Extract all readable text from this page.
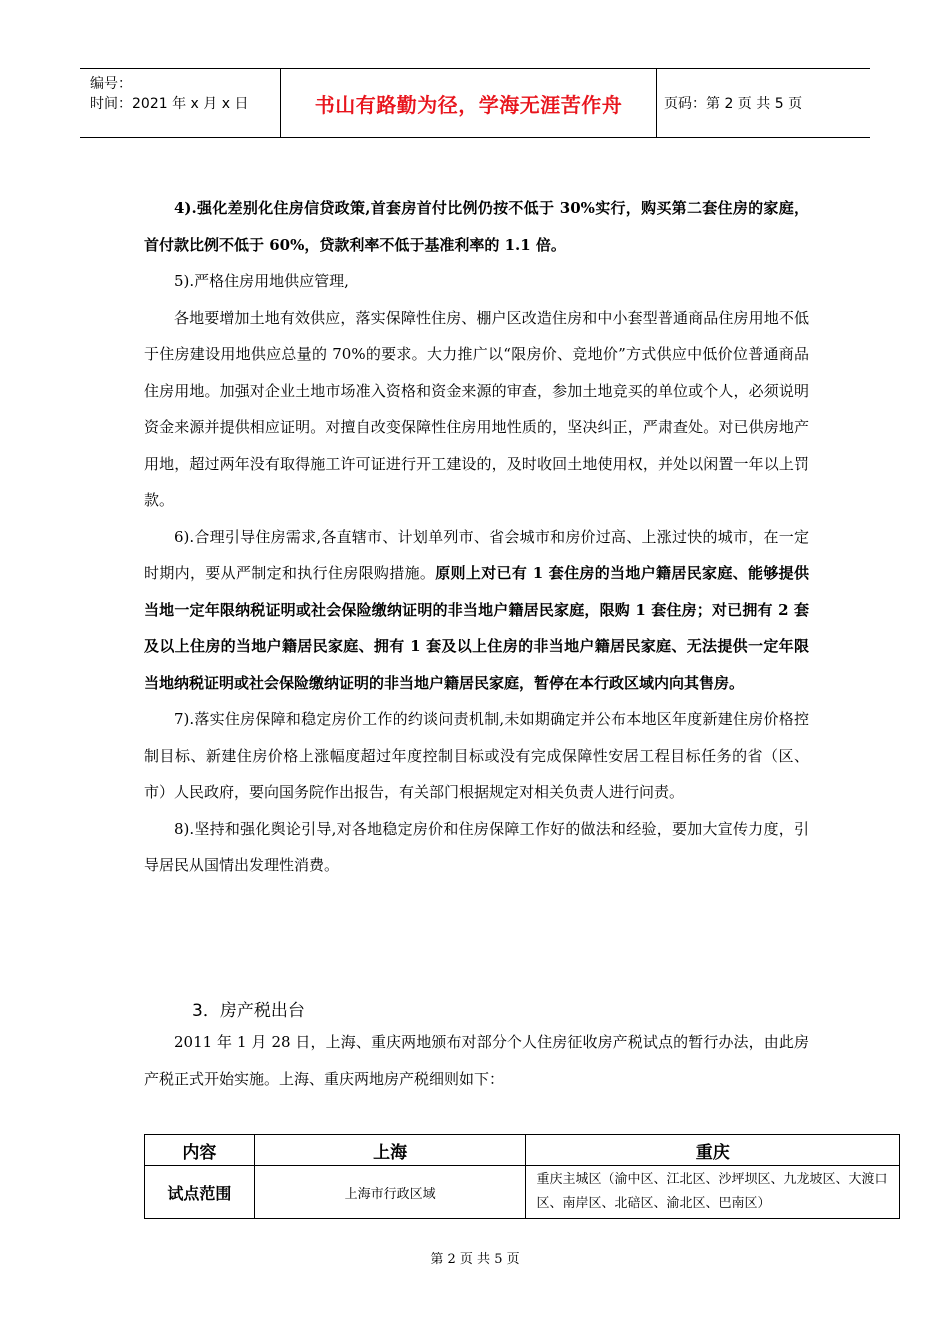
编号：
时间：2021 年 x 月 x 日	书山有路勤为径，学海无涯苦作舟	页码：第 2 页 共 5 页

4).强化差别化住房信贷政策,首套房首付比例仍按不低于 30%实行，购买第二套住房的家庭，首付款比例不低于 60%，贷款利率不低于基准利率的 1.1 倍。

5).严格住房用地供应管理,

各地要增加土地有效供应，落实保障性住房、棚户区改造住房和中小套型普通商品住房用地不低于住房建设用地供应总量的 70%的要求。大力推广以“限房价、竞地价”方式供应中低价位普通商品住房用地。加强对企业土地市场准入资格和资金来源的审查，参加土地竞买的单位或个人，必须说明资金来源并提供相应证明。对擅自改变保障性住房用地性质的，坚决纠正，严肃查处。对已供房地产用地，超过两年没有取得施工许可证进行开工建设的，及时收回土地使用权，并处以闲置一年以上罚款。

6).合理引导住房需求,各直辖市、计划单列市、省会城市和房价过高、上涨过快的城市，在一定时期内，要从严制定和执行住房限购措施。原则上对已有 1 套住房的当地户籍居民家庭、能够提供当地一定年限纳税证明或社会保险缴纳证明的非当地户籍居民家庭，限购 1 套住房；对已拥有 2 套及以上住房的当地户籍居民家庭、拥有 1 套及以上住房的非当地户籍居民家庭、无法提供一定年限当地纳税证明或社会保险缴纳证明的非当地户籍居民家庭，暂停在本行政区域内向其售房。

7).落实住房保障和稳定房价工作的约谈问责机制,未如期确定并公布本地区年度新建住房价格控制目标、新建住房价格上涨幅度超过年度控制目标或没有完成保障性安居工程目标任务的省（区、市）人民政府，要向国务院作出报告，有关部门根据规定对相关负责人进行问责。

8).坚持和强化舆论引导,对各地稳定房价和住房保障工作好的做法和经验，要加大宣传力度，引导居民从国情出发理性消费。

3．房产税出台

2011 年 1 月 28 日，上海、重庆两地颁布对部分个人住房征收房产税试点的暂行办法，由此房产税正式开始实施。上海、重庆两地房产税细则如下：

内容	上海	重庆
试点范围	上海市行政区域	重庆主城区（渝中区、江北区、沙坪坝区、九龙坡区、大渡口区、南岸区、北碚区、渝北区、巴南区）
第 2 页 共 5 页
